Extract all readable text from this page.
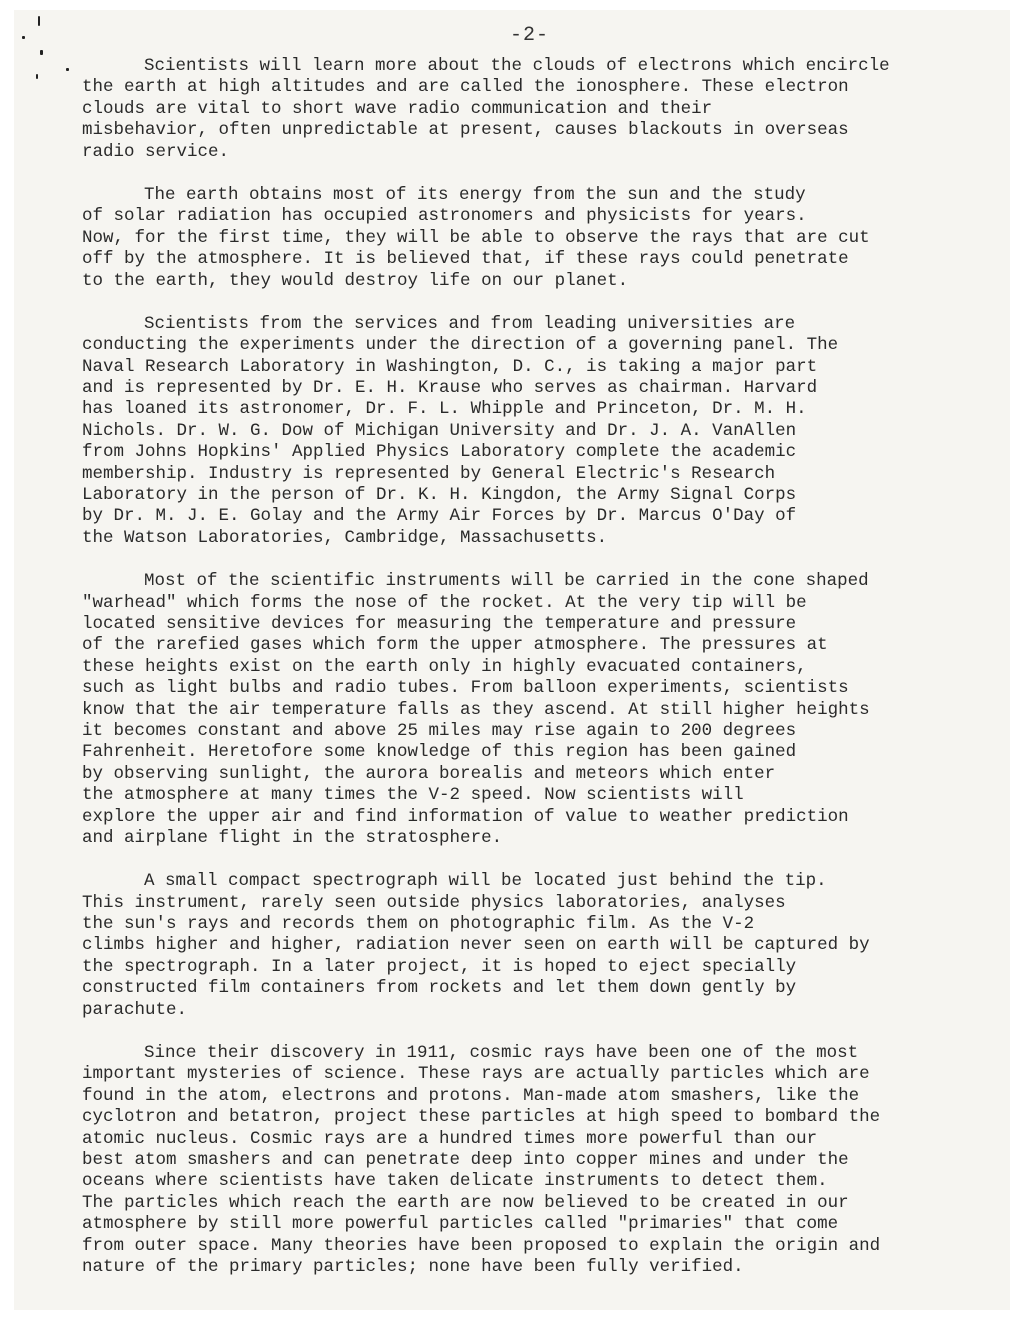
-2-
Scientists will learn more about the clouds of electrons which encircle
the earth at high altitudes and are called the ionosphere. These electron
clouds are vital to short wave radio communication and their
misbehavior, often unpredictable at present, causes blackouts in overseas
radio service.
The earth obtains most of its energy from the sun and the study
of solar radiation has occupied astronomers and physicists for years.
Now, for the first time, they will be able to observe the rays that are cut
off by the atmosphere. It is believed that, if these rays could penetrate
to the earth, they would destroy life on our planet.
Scientists from the services and from leading universities are
conducting the experiments under the direction of a governing panel. The
Naval Research Laboratory in Washington, D. C., is taking a major part
and is represented by Dr. E. H. Krause who serves as chairman. Harvard
has loaned its astronomer, Dr. F. L. Whipple and Princeton, Dr. M. H.
Nichols. Dr. W. G. Dow of Michigan University and Dr. J. A. VanAllen
from Johns Hopkins' Applied Physics Laboratory complete the academic
membership. Industry is represented by General Electric's Research
Laboratory in the person of Dr. K. H. Kingdon, the Army Signal Corps
by Dr. M. J. E. Golay and the Army Air Forces by Dr. Marcus O'Day of
the Watson Laboratories, Cambridge, Massachusetts.
Most of the scientific instruments will be carried in the cone shaped
"warhead" which forms the nose of the rocket. At the very tip will be
located sensitive devices for measuring the temperature and pressure
of the rarefied gases which form the upper atmosphere. The pressures at
these heights exist on the earth only in highly evacuated containers,
such as light bulbs and radio tubes. From balloon experiments, scientists
know that the air temperature falls as they ascend. At still higher heights
it becomes constant and above 25 miles may rise again to 200 degrees
Fahrenheit. Heretofore some knowledge of this region has been gained
by observing sunlight, the aurora borealis and meteors which enter
the atmosphere at many times the V-2 speed. Now scientists will
explore the upper air and find information of value to weather prediction
and airplane flight in the stratosphere.
A small compact spectrograph will be located just behind the tip.
This instrument, rarely seen outside physics laboratories, analyses
the sun's rays and records them on photographic film. As the V-2
climbs higher and higher, radiation never seen on earth will be captured by
the spectrograph. In a later project, it is hoped to eject specially
constructed film containers from rockets and let them down gently by
parachute.
Since their discovery in 1911, cosmic rays have been one of the most
important mysteries of science. These rays are actually particles which are
found in the atom, electrons and protons. Man-made atom smashers, like the
cyclotron and betatron, project these particles at high speed to bombard the
atomic nucleus. Cosmic rays are a hundred times more powerful than our
best atom smashers and can penetrate deep into copper mines and under the
oceans where scientists have taken delicate instruments to detect them.
The particles which reach the earth are now believed to be created in our
atmosphere by still more powerful particles called "primaries" that come
from outer space. Many theories have been proposed to explain the origin and
nature of the primary particles; none have been fully verified.
